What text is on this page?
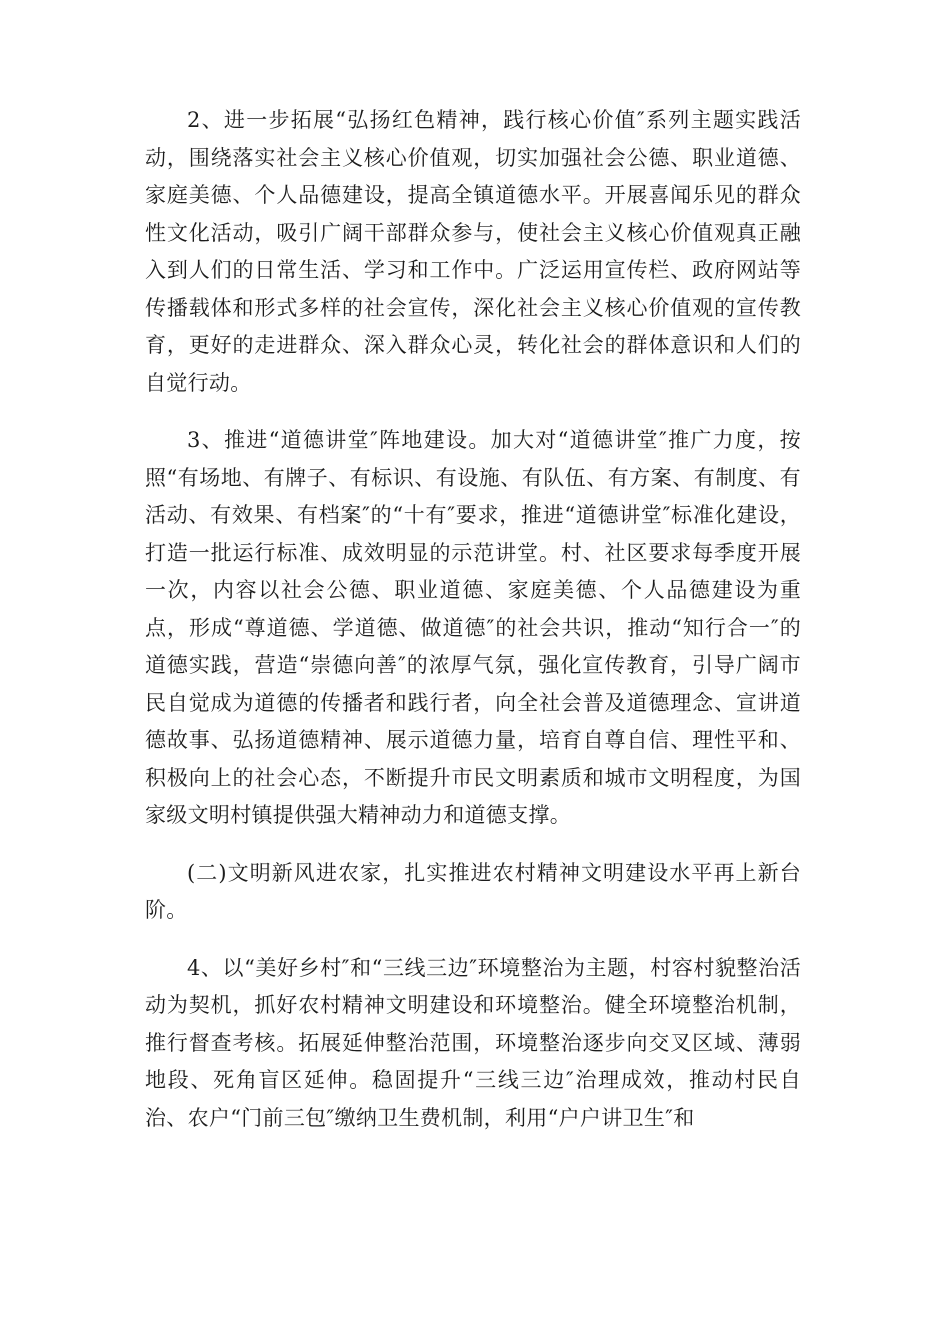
2、进一步拓展“弘扬红色精神，践行核心价值″系列主题实践活动，围绕落实社会主义核心价值观，切实加强社会公德、职业道德、家庭美德、个人品德建设，提高全镇道德水平。开展喜闻乐见的群众性文化活动，吸引广阔干部群众参与，使社会主义核心价值观真正融入到人们的日常生活、学习和工作中。广泛运用宣传栏、政府网站等传播载体和形式多样的社会宣传，深化社会主义核心价值观的宣传教育，更好的走进群众、深入群众心灵，转化社会的群体意识和人们的自觉行动。

3、推进“道德讲堂″阵地建设。加大对“道德讲堂″推广力度，按照“有场地、有牌子、有标识、有设施、有队伍、有方案、有制度、有活动、有效果、有档案″的“十有″要求，推进“道德讲堂″标准化建设，打造一批运行标准、成效明显的示范讲堂。村、社区要求每季度开展一次，内容以社会公德、职业道德、家庭美德、个人品德建设为重点，形成“尊道德、学道德、做道德″的社会共识，推动“知行合一″的道德实践，营造“崇德向善″的浓厚气氛，强化宣传教育，引导广阔市民自觉成为道德的传播者和践行者，向全社会普及道德理念、宣讲道德故事、弘扬道德精神、展示道德力量，培育自尊自信、理性平和、积极向上的社会心态，不断提升市民文明素质和城市文明程度，为国家级文明村镇提供强大精神动力和道德支撑。

(二)文明新风进农家，扎实推进农村精神文明建设水平再上新台阶。

4、以“美好乡村″和“三线三边″环境整治为主题，村容村貌整治活动为契机，抓好农村精神文明建设和环境整治。健全环境整治机制，推行督查考核。拓展延伸整治范围，环境整治逐步向交叉区域、薄弱地段、死角盲区延伸。稳固提升“三线三边″治理成效，推动村民自治、农户“门前三包″缴纳卫生费机制，利用“户户讲卫生″和
